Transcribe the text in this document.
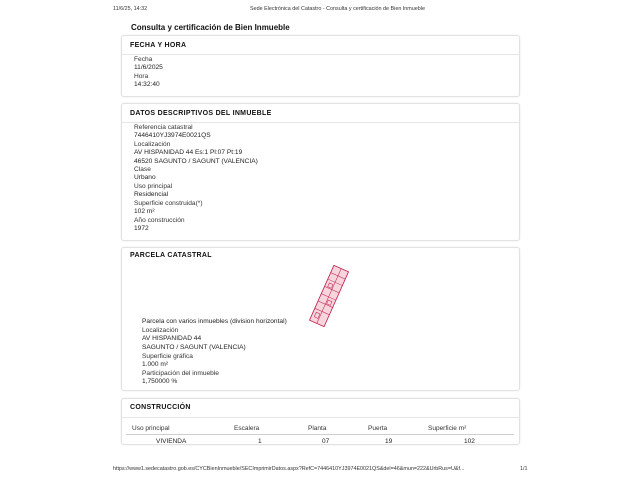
11/6/25, 14:32	Sede Electrónica del Catastro - Consulta y certificación de Bien Inmueble
Consulta y certificación de Bien Inmueble
FECHA Y HORA
Fecha
11/6/2025
Hora
14:32:40
DATOS DESCRIPTIVOS DEL INMUEBLE
Referencia catastral
7446410YJ3974E0021QS
Localización
AV HISPANIDAD 44 Es:1 Pl:07 Pt:19
46520 SAGUNTO / SAGUNT (VALENCIA)
Clase
Urbano
Uso principal
Residencial
Superficie construida(*)
102 m²
Año construcción
1972
PARCELA CATASTRAL
Parcela con varios inmuebles (division horizontal)
Localización
AV HISPANIDAD 44
SAGUNTO / SAGUNT (VALENCIA)
Superficie gráfica
1.000 m²
Participación del inmueble
1,750000 %
CONSTRUCCIÓN
Uso principal	Escalera	Planta	Puerta	Superficie m²
VIVIENDA	1	07	19	102
https://www1.sedecatastro.gob.es/CYCBienInmueble/SECImprimirDatos.aspx?RefC=7446410YJ3974E0021QS&del=46&mun=222&UrbRus=U&f...	1/1
